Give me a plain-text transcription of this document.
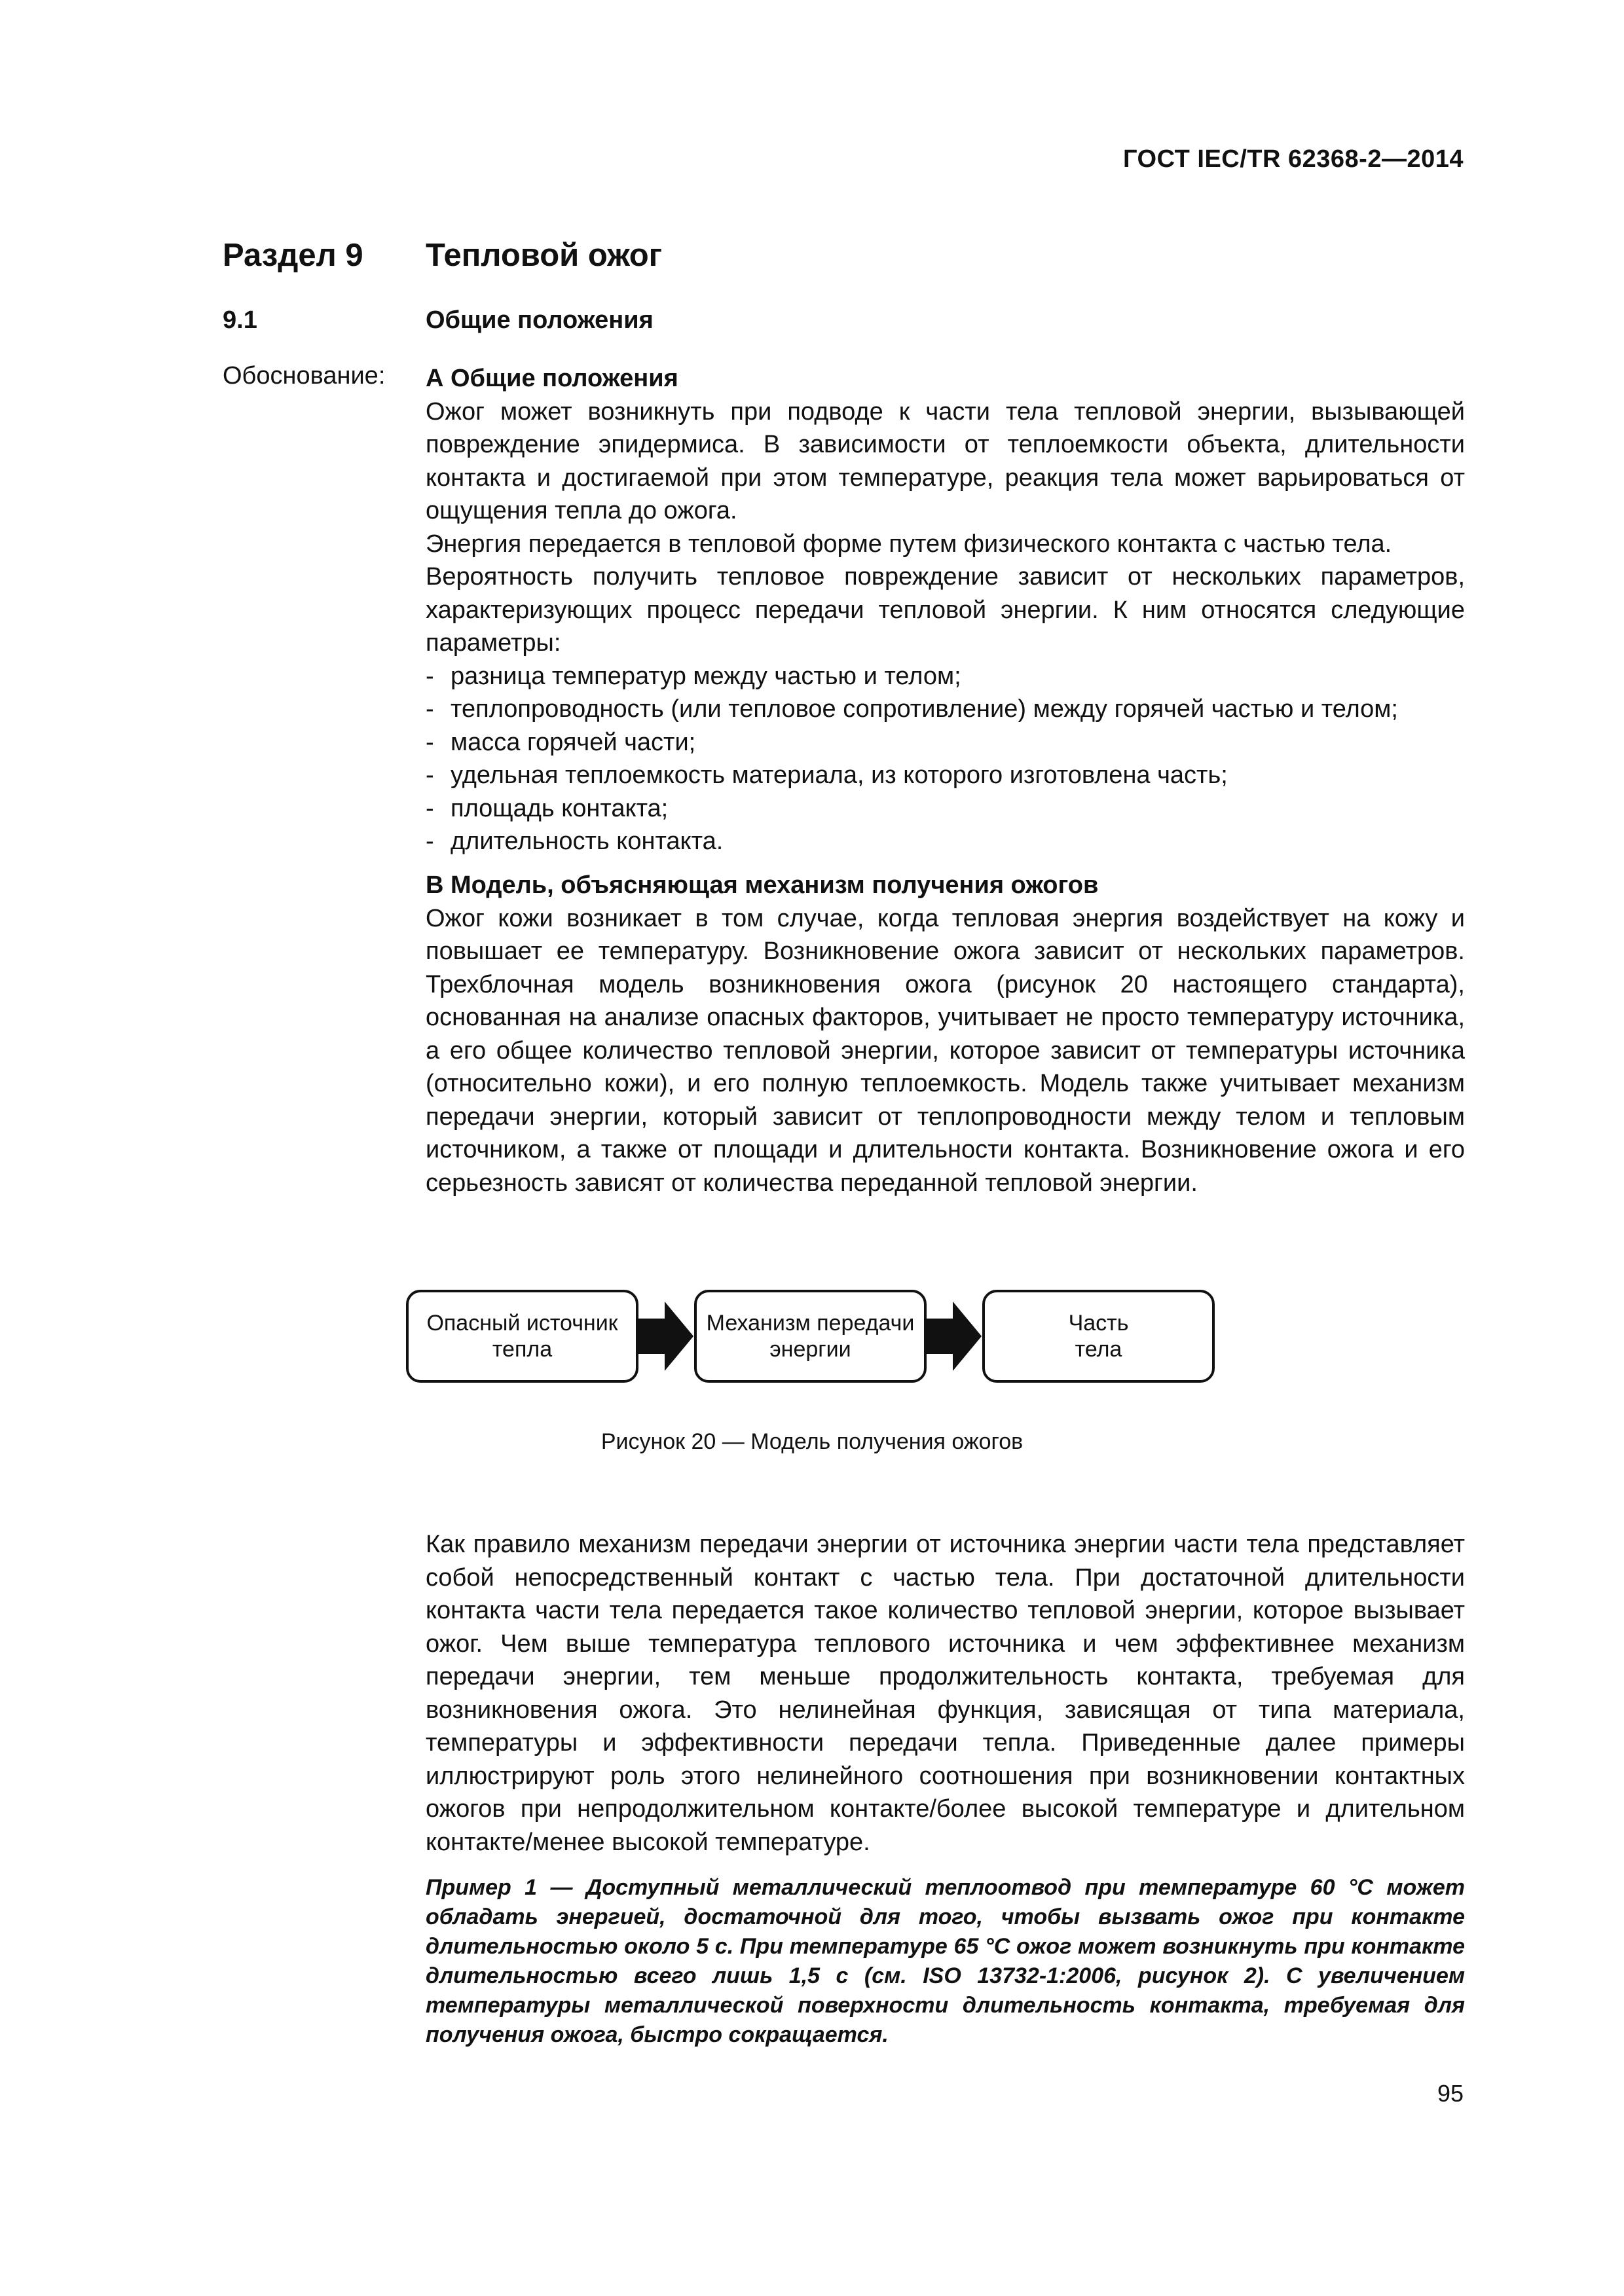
ГОСТ IEC/TR 62368-2—2014
Раздел 9 Тепловой ожог
9.1	Общие положения
Обоснование: А Общие положения
Ожог может возникнуть при подводе к части тела тепловой энергии, вызывающей повреждение эпидермиса. В зависимости от теплоемкости объекта, длительности контакта и достигаемой при этом температуре, реакция тела может варьироваться от ощущения тепла до ожога.
Энергия передается в тепловой форме путем физического контакта с частью тела.
Вероятность получить тепловое повреждение зависит от нескольких параметров, характеризующих процесс передачи тепловой энергии. К ним относятся следующие параметры:
- разница температур между частью и телом;
- теплопроводность (или тепловое сопротивление) между горячей частью и телом;
- масса горячей части;
- удельная теплоемкость материала, из которого изготовлена часть;
- площадь контакта;
- длительность контакта.
В Модель, объясняющая механизм получения ожогов
Ожог кожи возникает в том случае, когда тепловая энергия воздействует на кожу и повышает ее температуру. Возникновение ожога зависит от нескольких параметров. Трехблочная модель возникновения ожога (рисунок 20 настоящего стандарта), основанная на анализе опасных факторов, учитывает не просто температуру источника, а его общее количество тепловой энергии, которое зависит от температуры источника (относительно кожи), и его полную теплоемкость. Модель также учитывает механизм передачи энергии, который зависит от теплопроводности между телом и тепловым источником, а также от площади и длительности контакта. Возникновение ожога и его серьезность зависят от количества переданной тепловой энергии.
Опасный источник
тепла
Механизм передачи
энергии
Часть
тела
Рисунок 20 — Модель получения ожогов
Как правило механизм передачи энергии от источника энергии части тела представляет собой непосредственный контакт с частью тела. При достаточной длительности контакта части тела передается такое количество тепловой энергии, которое вызывает ожог. Чем выше температура теплового источника и чем эффективнее механизм передачи энергии, тем меньше продолжительность контакта, требуемая для возникновения ожога. Это нелинейная функция, зависящая от типа материала, температуры и эффективности передачи тепла. Приведенные далее примеры иллюстрируют роль этого нелинейного соотношения при возникновении контактных ожогов при непродолжительном контакте/более высокой температуре и длительном контакте/менее высокой температуре.
Пример 1 — Доступный металлический теплоотвод при температуре 60 °С может обладать энергией, достаточной для того, чтобы вызвать ожог при контакте длительностью около 5 с. При температуре 65 °С ожог может возникнуть при контакте длительностью всего лишь 1,5 с (см. ISO 13732-1:2006, рисунок 2). С увеличением температуры металлической поверхности длительность контакта, требуемая для получения ожога, быстро сокращается.
95
